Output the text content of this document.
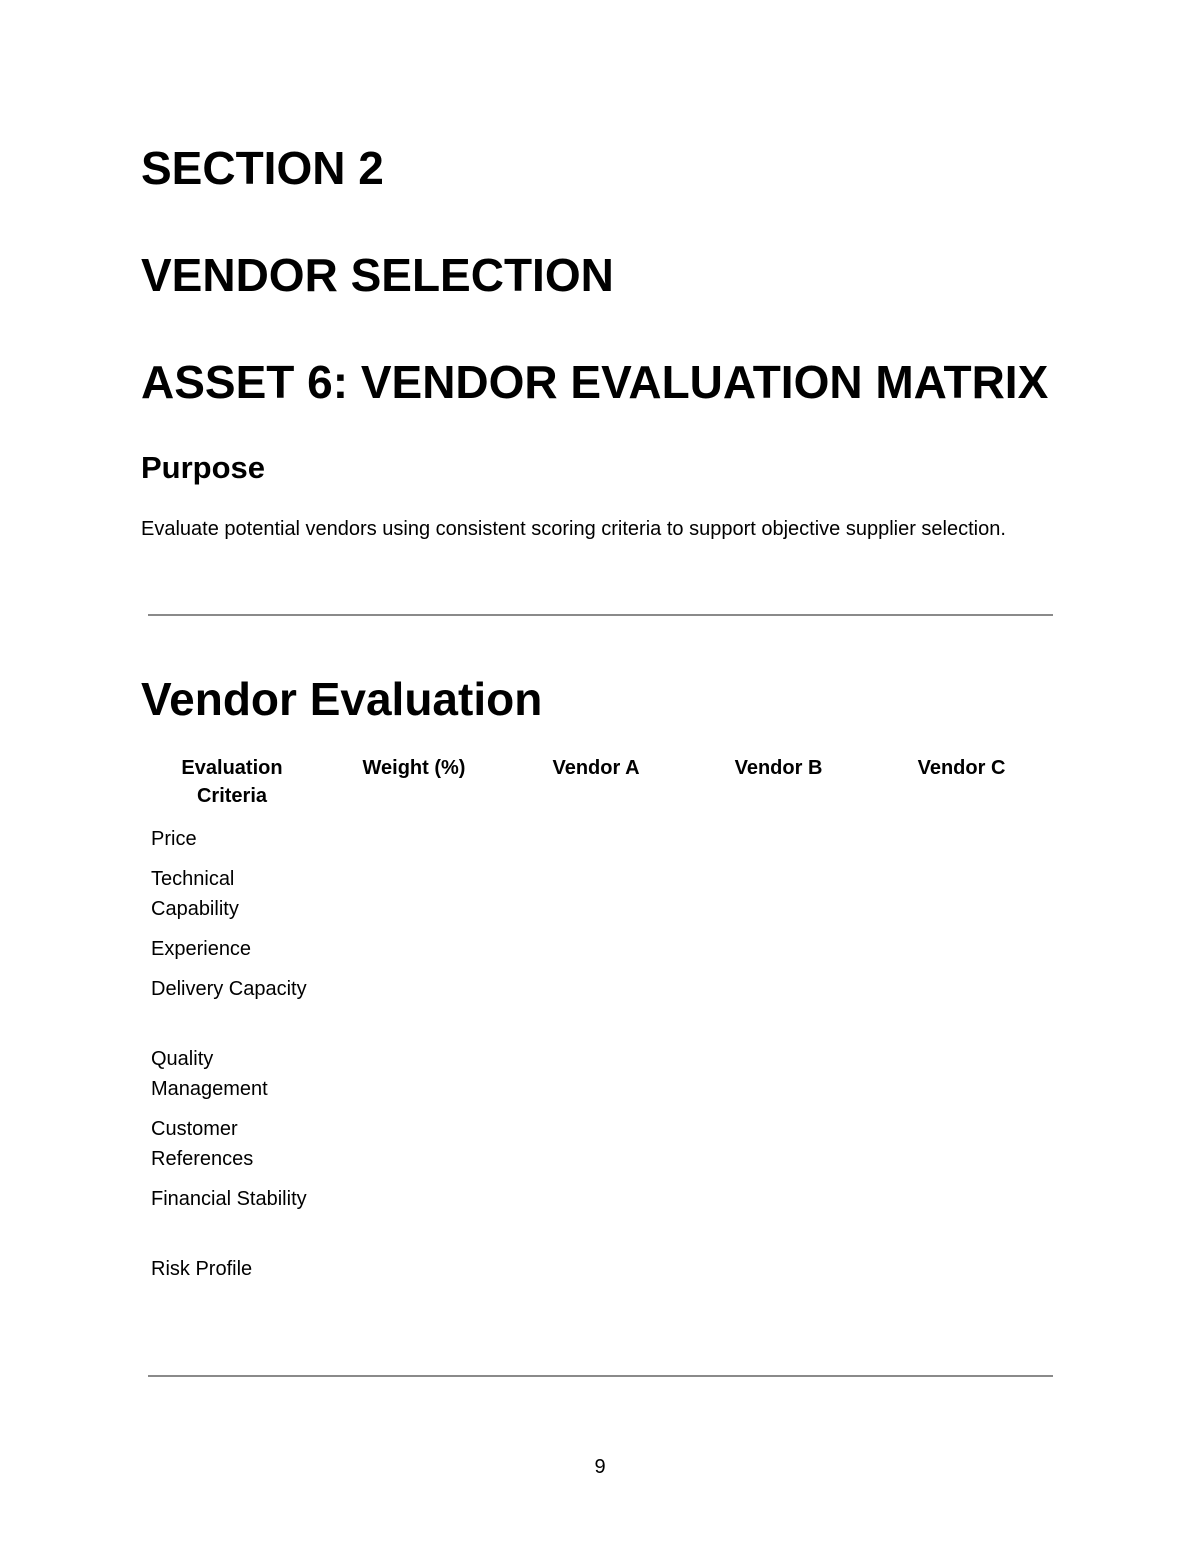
SECTION 2
VENDOR SELECTION
ASSET 6: VENDOR EVALUATION MATRIX
Purpose

Evaluate potential vendors using consistent scoring criteria to support objective supplier selection.

Vendor Evaluation
Evaluation Criteria	Weight (%)	Vendor A	Vendor B	Vendor C
Price				
Technical Capability				
Experience				
Delivery Capacity				
Quality Management				
Customer References				
Financial Stability				
Risk Profile				
9
